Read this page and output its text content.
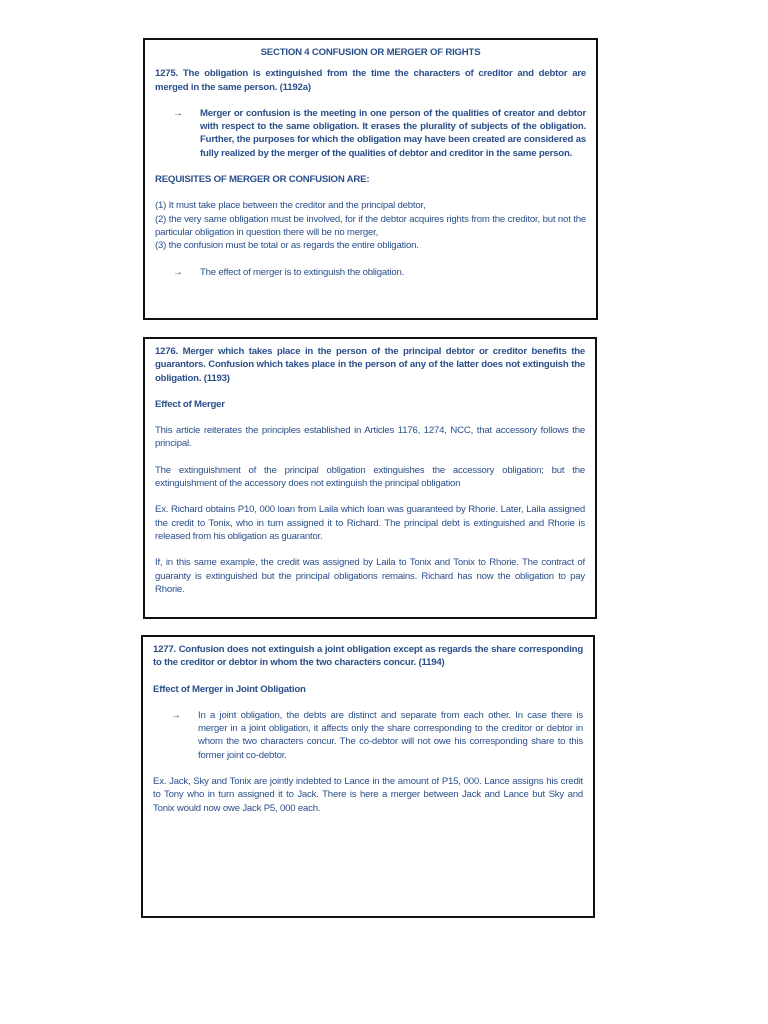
SECTION 4 CONFUSION OR MERGER OF RIGHTS

1275. The obligation is extinguished from the time the characters of creditor and debtor are merged in the same person. (1192a)

→	Merger or confusion is the meeting in one person of the qualities of creator and debtor with respect to the same obligation. It erases the plurality of subjects of the obligation. Further, the purposes for which the obligation may have been created are considered as fully realized by the merger of the qualities of debtor and creditor in the same person.

REQUISITES OF MERGER OR CONFUSION ARE:

(1) It must take place between the creditor and the principal debtor,

(2) the very same obligation must be involved, for if the debtor acquires rights from the creditor, but not the particular obligation in question there will be no merger,

(3) the confusion must be total or as regards the entire obligation.

→	The effect of merger is to extinguish the obligation.

1276. Merger which takes place in the person of the principal debtor or creditor benefits the guarantors. Confusion which takes place in the person of any of the latter does not extinguish the obligation. (1193)

Effect of Merger

This article reiterates the principles established in Articles 1176, 1274, NCC, that accessory follows the principal.

The extinguishment of the principal obligation extinguishes the accessory obligation; but the extinguishment of the accessory does not extinguish the principal obligation

Ex. Richard obtains P10, 000 loan from Laila which loan was guaranteed by Rhorie. Later, Laila assigned the credit to Tonix, who in turn assigned it to Richard. The principal debt is extinguished and Rhorie is released from his obligation as guarantor.

If, in this same example, the credit was assigned by Laila to Tonix and Tonix to Rhorie. The contract of guaranty is extinguished but the principal obligations remains. Richard has now the obligation to pay Rhorie.

1277. Confusion does not extinguish a joint obligation except as regards the share corresponding to the creditor or debtor in whom the two characters concur. (1194)

Effect of Merger in Joint Obligation

→	In a joint obligation, the debts are distinct and separate from each other. In case there is merger in a joint obligation, it affects only the share corresponding to the creditor or debtor in whom the two characters concur. The co-debtor will not owe his corresponding share to this former joint co-debtor.

Ex. Jack, Sky and Tonix are jointly indebted to Lance in the amount of P15, 000. Lance assigns his credit to Tony who in turn assigned it to Jack. There is here a merger between Jack and Lance but Sky and Tonix would now owe Jack P5, 000 each.
